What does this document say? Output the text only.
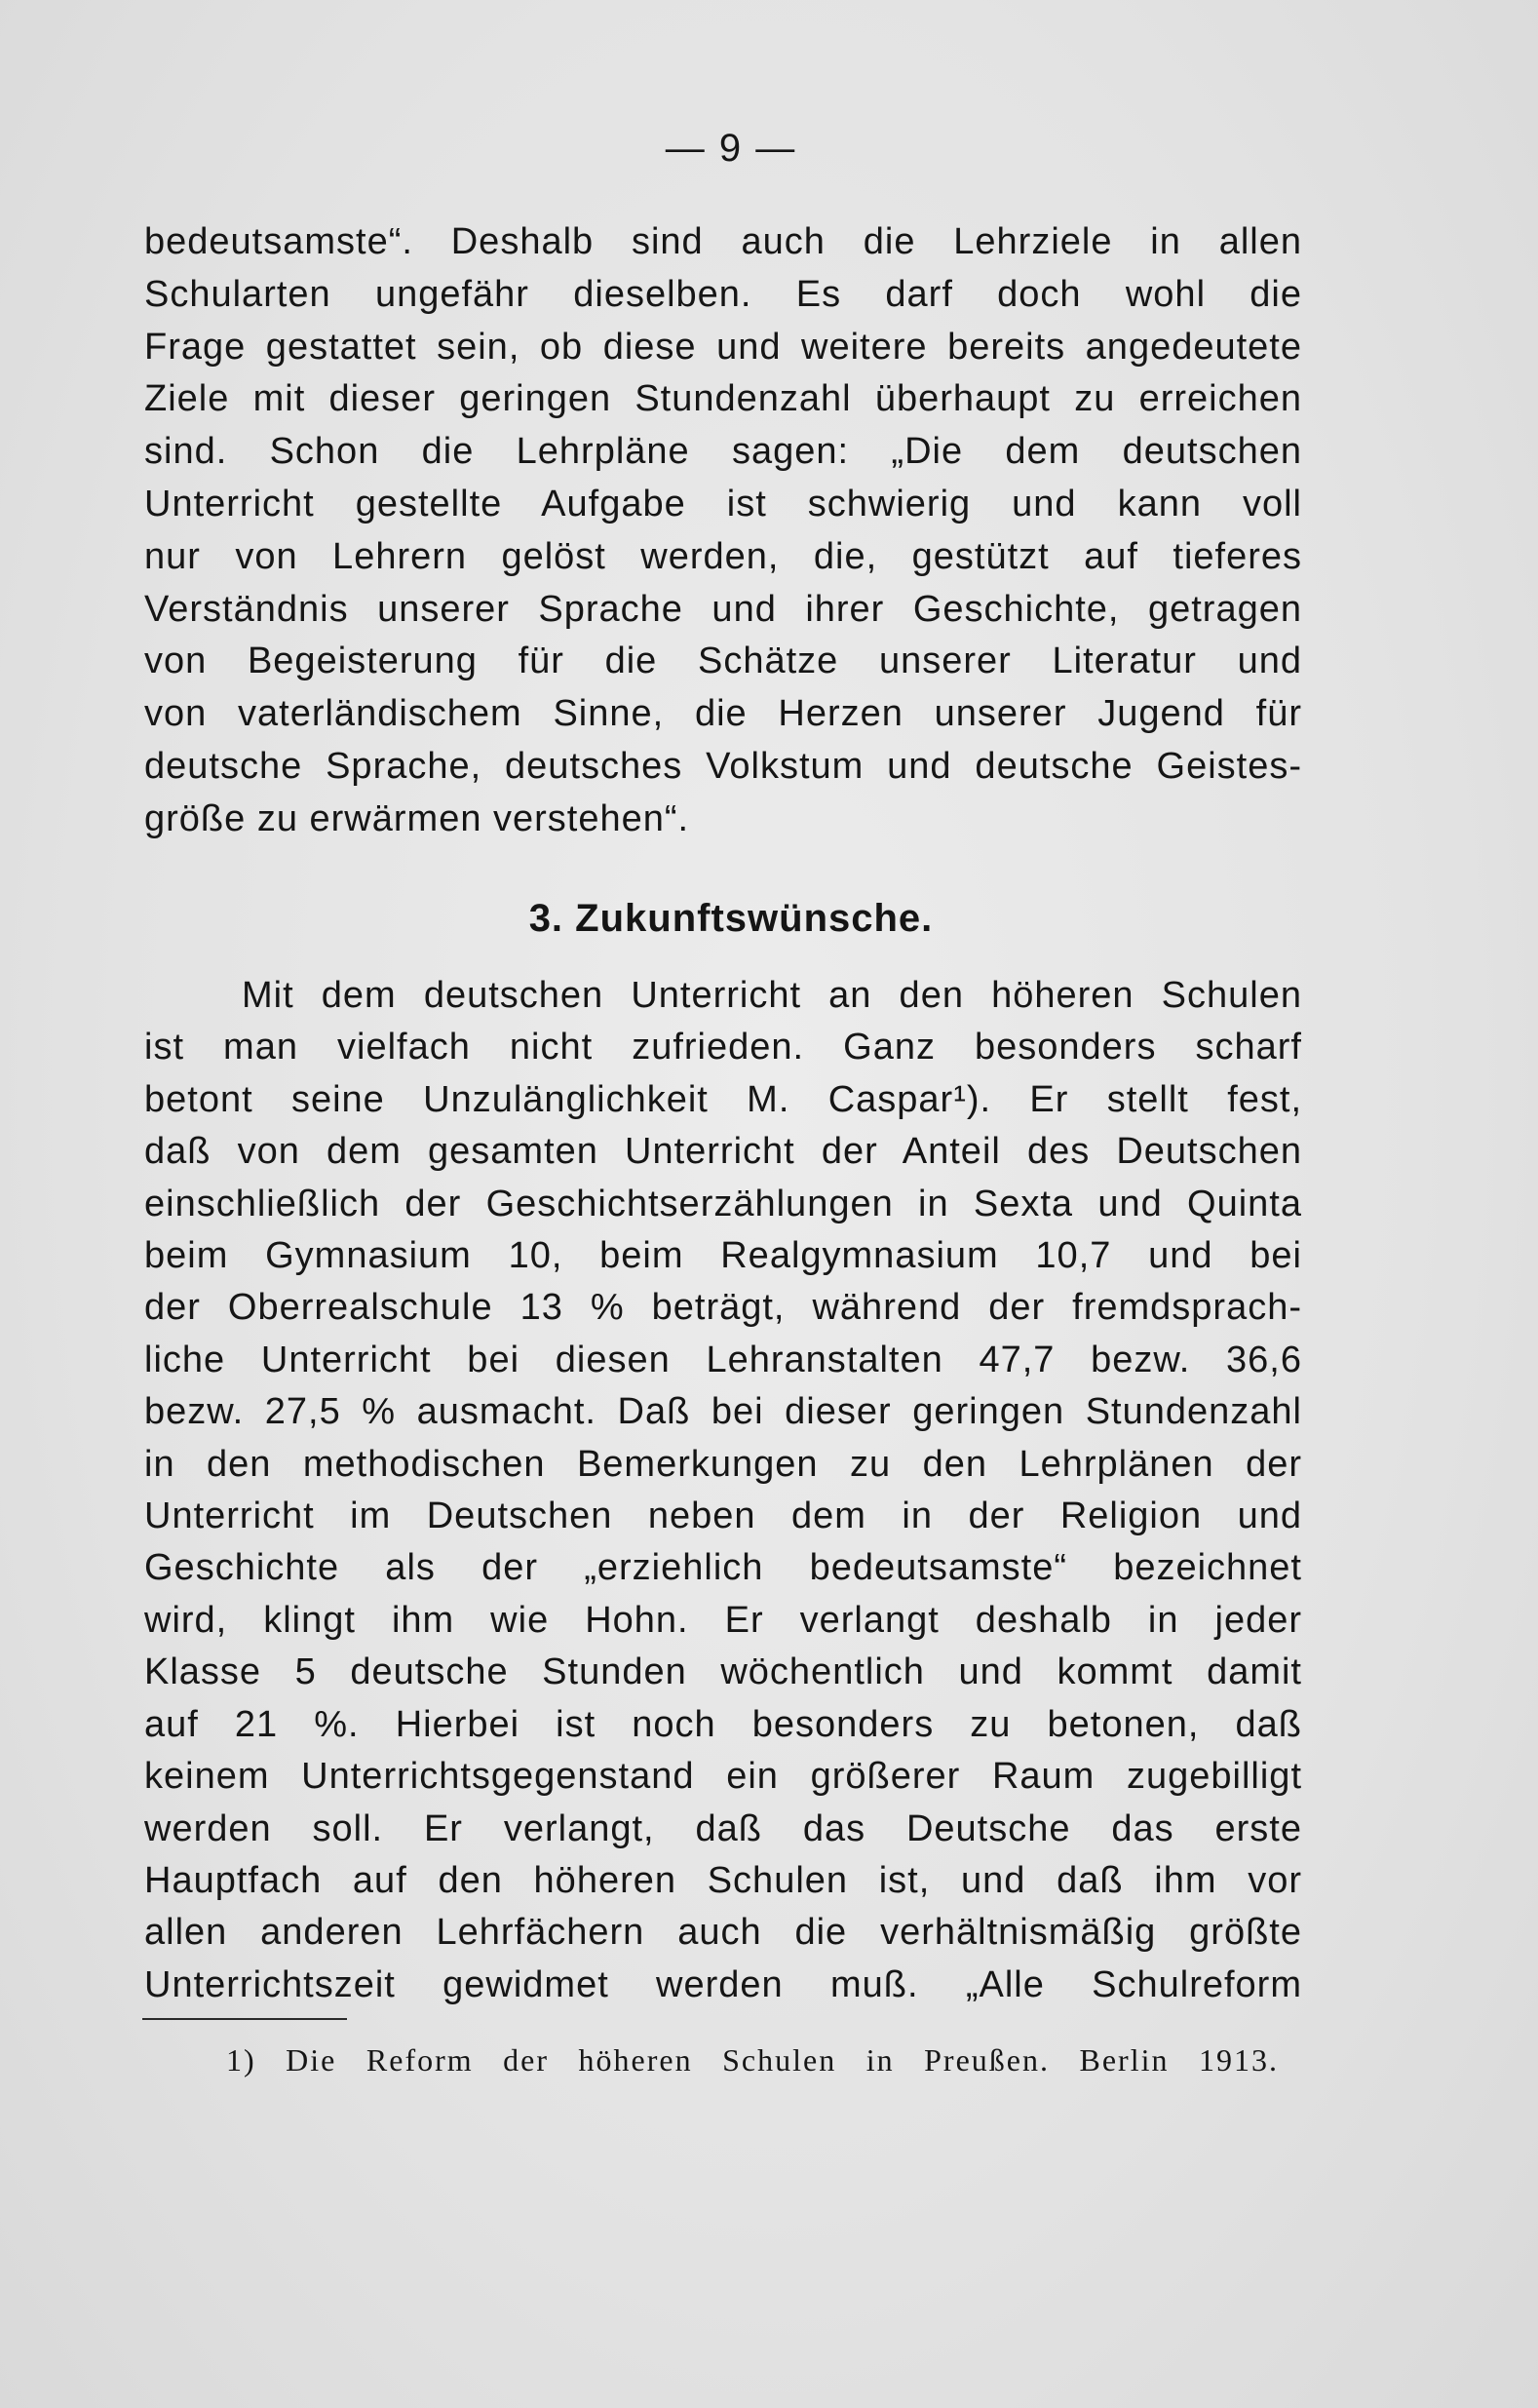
— 9 —
bedeutsamste“. Deshalb sind auch die Lehrziele in allen
Schularten ungefähr dieselben. Es darf doch wohl die
Frage gestattet sein, ob diese und weitere bereits angedeutete
Ziele mit dieser geringen Stundenzahl überhaupt zu erreichen
sind. Schon die Lehrpläne sagen: „Die dem deutschen
Unterricht gestellte Aufgabe ist schwierig und kann voll
nur von Lehrern gelöst werden, die, gestützt auf tieferes
Verständnis unserer Sprache und ihrer Geschichte, getragen
von Begeisterung für die Schätze unserer Literatur und
von vaterländischem Sinne, die Herzen unserer Jugend für
deutsche Sprache, deutsches Volkstum und deutsche Geistes-
größe zu erwärmen verstehen“.
3. Zukunftswünsche.
Mit dem deutschen Unterricht an den höheren Schulen
ist man vielfach nicht zufrieden. Ganz besonders scharf
betont seine Unzulänglichkeit M. Caspar¹). Er stellt fest,
daß von dem gesamten Unterricht der Anteil des Deutschen
einschließlich der Geschichtserzählungen in Sexta und Quinta
beim Gymnasium 10, beim Realgymnasium 10,7 und bei
der Oberrealschule 13 % beträgt, während der fremdsprach-
liche Unterricht bei diesen Lehranstalten 47,7 bezw. 36,6
bezw. 27,5 % ausmacht. Daß bei dieser geringen Stundenzahl
in den methodischen Bemerkungen zu den Lehrplänen der
Unterricht im Deutschen neben dem in der Religion und
Geschichte als der „erziehlich bedeutsamste“ bezeichnet
wird, klingt ihm wie Hohn. Er verlangt deshalb in jeder
Klasse 5 deutsche Stunden wöchentlich und kommt damit
auf 21 %. Hierbei ist noch besonders zu betonen, daß
keinem Unterrichtsgegenstand ein größerer Raum zugebilligt
werden soll. Er verlangt, daß das Deutsche das erste
Hauptfach auf den höheren Schulen ist, und daß ihm vor
allen anderen Lehrfächern auch die verhältnismäßig größte
Unterrichtszeit gewidmet werden muß. „Alle Schulreform
1) Die Reform der höheren Schulen in Preußen. Berlin 1913.
